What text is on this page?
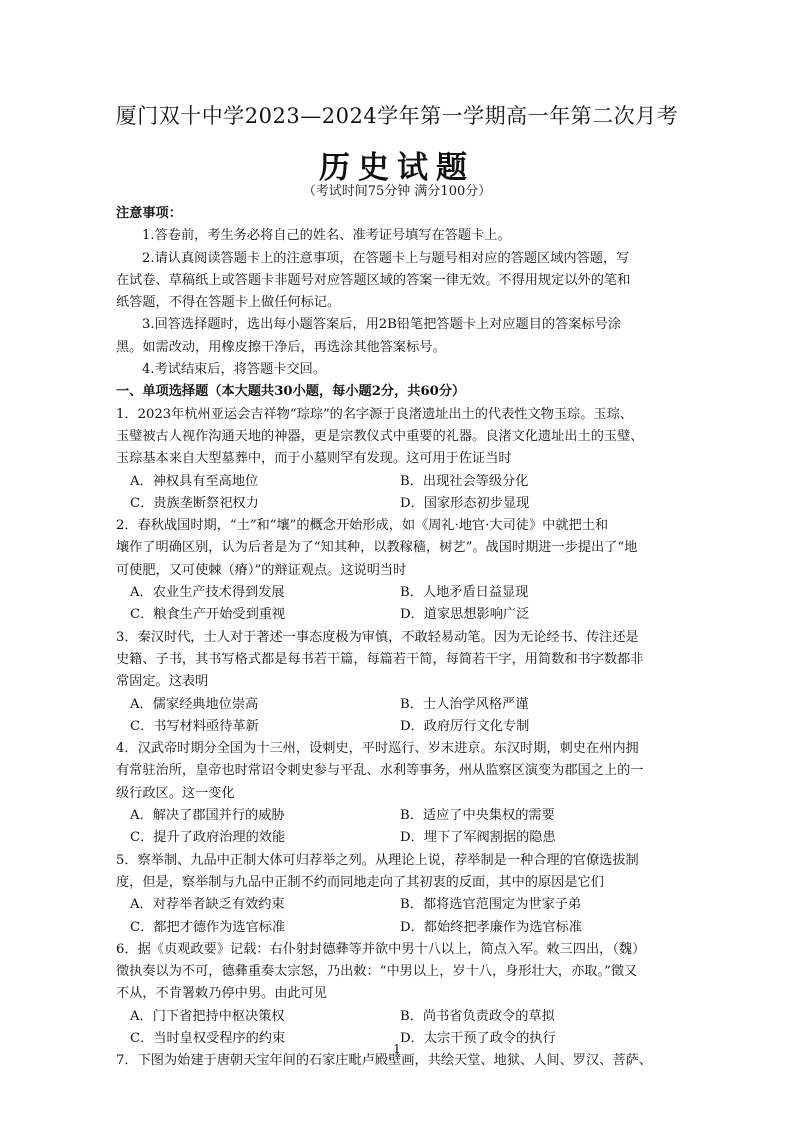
厦门双十中学2023—2024学年第一学期高一年第二次月考
历史试题
（考试时间75分钟 满分100分）
注意事项：
1.答卷前，考生务必将自己的姓名、准考证号填写在答题卡上。
2.请认真阅读答题卡上的注意事项，在答题卡上与题号相对应的答题区域内答题，写
在试卷、草稿纸上或答题卡非题号对应答题区域的答案一律无效。不得用规定以外的笔和
纸答题，不得在答题卡上做任何标记。
3.回答选择题时，选出每小题答案后，用2B铅笔把答题卡上对应题目的答案标号涂
黑。如需改动，用橡皮擦干净后，再选涂其他答案标号。
4.考试结束后，将答题卡交回。
一、单项选择题（本大题共30小题，每小题2分，共60分）
1．2023年杭州亚运会吉祥物“琮琮”的名字源于良渚遗址出土的代表性文物玉琮。玉琮、
玉璧被古人视作沟通天地的神器，更是宗教仪式中重要的礼器。良渚文化遗址出土的玉璧、
玉琮基本来自大型墓葬中，而于小墓则罕有发现。这可用于佐证当时
A．神权具有至高地位	B．出现社会等级分化
C．贵族垄断祭祀权力	D．国家形态初步显现
2．春秋战国时期，“土”和“壤”的概念开始形成，如《周礼·地官·大司徒》中就把土和
壤作了明确区别，认为后者是为了“知其种，以教稼穑，树艺”。战国时期进一步提出了“地
可使肥，又可使棘（瘠）”的辩证观点。这说明当时
A．农业生产技术得到发展	B．人地矛盾日益显现
C．粮食生产开始受到重视	D．道家思想影响广泛
3．秦汉时代，士人对于著述一事态度极为审慎，不敢轻易动笔。因为无论经书、传注还是
史籍、子书，其书写格式都是每书若干篇，每篇若干简，每简若干字，用简数和书字数都非
常固定。这表明
A．儒家经典地位崇高	B．士人治学风格严谨
C．书写材料亟待革新	D．政府厉行文化专制
4．汉武帝时期分全国为十三州，设刺史，平时巡行、岁末进京。东汉时期，刺史在州内拥
有常驻治所，皇帝也时常诏令刺史参与平乱、水利等事务，州从监察区演变为郡国之上的一
级行政区。这一变化
A．解决了郡国并行的威胁	B．适应了中央集权的需要
C．提升了政府治理的效能	D．埋下了军阀割据的隐患
5．察举制、九品中正制大体可归荐举之列。从理论上说，荐举制是一种合理的官僚选拔制
度，但是，察举制与九品中正制不约而同地走向了其初衷的反面，其中的原因是它们
A．对荐举者缺乏有效约束	B．都将选官范围定为世家子弟
C．都把才德作为选官标准	D．都始终把孝廉作为选官标准
6．据《贞观政要》记载：右仆射封德彝等并欲中男十八以上，简点入军。敕三四出，（魏）
徵执奏以为不可，德彝重奏太宗怒，乃出敕：“中男以上，岁十八，身形壮大，亦取。”徵又
不从，不肯署敕乃停中男。由此可见
A．门下省把持中枢决策权	B．尚书省负责政令的草拟
C．当时皇权受程序的约束	D．太宗干预了政令的执行
7．下图为始建于唐朝天宝年间的石家庄毗卢殿壁画，共绘天堂、地狱、人间、罗汉、菩萨、
1
